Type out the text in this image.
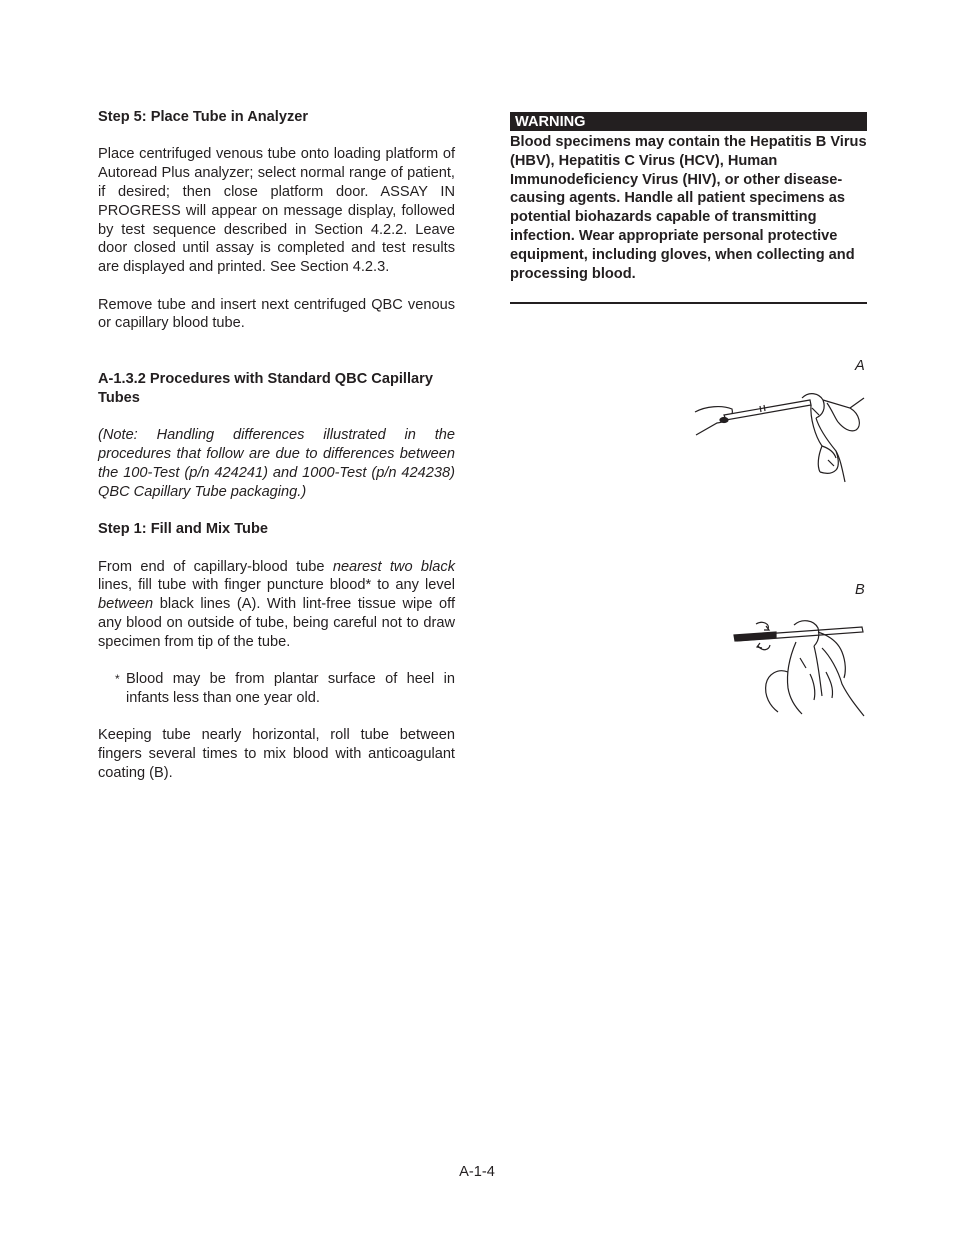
Step 5: Place Tube in Analyzer

Place centrifuged venous tube onto loading platform of Autoread Plus analyzer; select normal range of patient, if desired; then close platform door. ASSAY IN PROGRESS will appear on message display, followed by test sequence described in Section 4.2.2. Leave door closed until assay is completed and test results are displayed and printed. See Section 4.2.3.

Remove tube and insert next centrifuged QBC venous or capillary blood tube.

A-1.3.2 Procedures with Standard QBC Capillary Tubes

(Note: Handling differences illustrated in the procedures that follow are due to differences between the 100-Test (p/n 424241) and 1000-Test (p/n 424238) QBC Capillary Tube packaging.)

Step 1: Fill and Mix Tube

From end of capillary-blood tube nearest two black lines, fill tube with finger puncture blood* to any level between black lines (A). With lint-free tissue wipe off any blood on outside of tube, being careful not to draw specimen from tip of the tube.

* Blood may be from plantar surface of heel in infants less than one year old.

Keeping tube nearly horizontal, roll tube between fingers several times to mix blood with anticoagulant coating (B).

WARNING

Blood specimens may contain the Hepatitis B Virus (HBV), Hepatitis C Virus (HCV), Human Immunodeficiency Virus (HIV), or other disease-causing agents. Handle all patient specimens as potential biohazards capable of transmitting infection. Wear appropriate personal protective equipment, including gloves, when collecting and processing blood.

A
B
A-1-4
